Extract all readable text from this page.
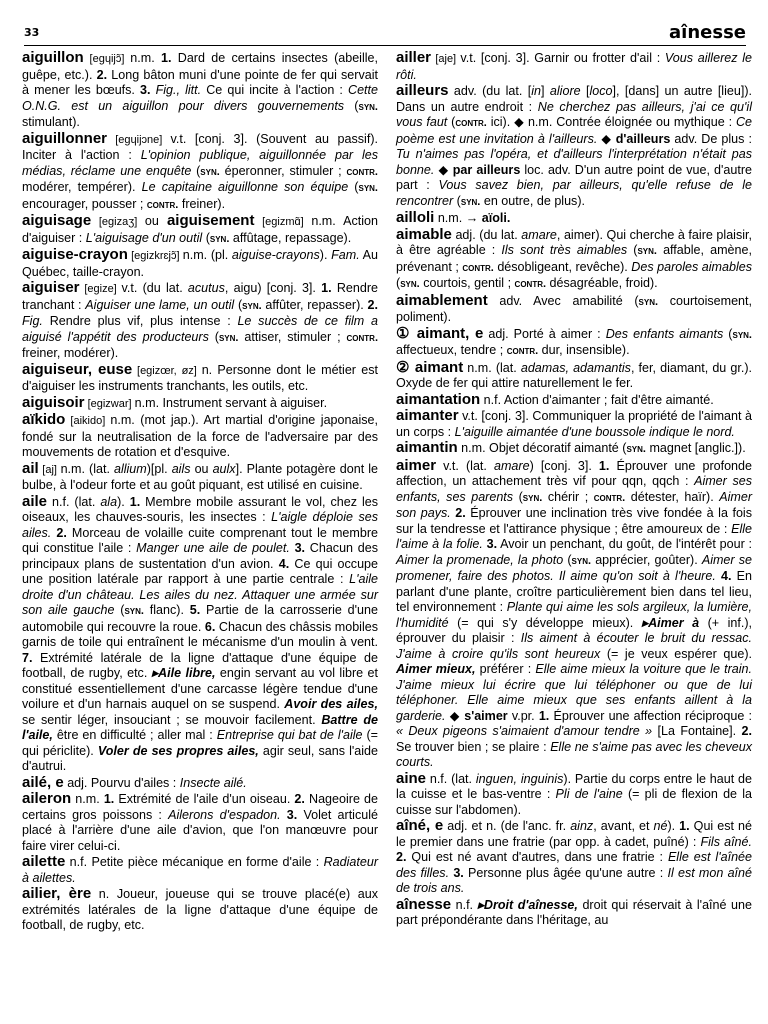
33	aînesse

aiguillon [egɥijɔ̃] n.m. 1. Dard de certains insectes (abeille, guêpe, etc.). 2. Long bâton muni d'une pointe de fer qui servait à mener les bœufs. 3. Fig., litt. Ce qui incite à l'action : Cette O.N.G. est un aiguillon pour divers gouvernements (syn. stimulant).

aiguillonner [egɥijɔne] v.t. [conj. 3]. (Souvent au passif). Inciter à l'action : L'opinion publique, aiguillonnée par les médias, réclame une enquête (syn. éperonner, stimuler ; contr. modérer, tempérer). Le capitaine aiguillonne son équipe (syn. encourager, pousser ; contr. freiner).

aiguisage [egizaʒ] ou aiguisement [egizmɑ̃] n.m. Action d'aiguiser : L'aiguisage d'un outil (syn. affûtage, repassage).

aiguise-crayon [egizkrɛjɔ̃] n.m. (pl. aiguise-crayons). Fam. Au Québec, taille-crayon.

aiguiser [egize] v.t. (du lat. acutus, aigu) [conj. 3]. 1. Rendre tranchant : Aiguiser une lame, un outil (syn. affûter, repasser). 2. Fig. Rendre plus vif, plus intense : Le succès de ce film a aiguisé l'appétit des producteurs (syn. attiser, stimuler ; contr. freiner, modérer).

aiguiseur, euse [egizœr, øz] n. Personne dont le métier est d'aiguiser les instruments tranchants, les outils, etc.

aiguisoir [egizwar] n.m. Instrument servant à aiguiser.

aïkido [aikido] n.m. (mot jap.). Art martial d'origine japonaise, fondé sur la neutralisation de la force de l'adversaire par des mouvements de rotation et d'esquive.

ail [aj] n.m. (lat. allium)[pl. ails ou aulx]. Plante potagère dont le bulbe, à l'odeur forte et au goût piquant, est utilisé en cuisine.

aile n.f. (lat. ala). 1. Membre mobile assurant le vol, chez les oiseaux, les chauves-souris, les insectes : L'aigle déploie ses ailes. 2. Morceau de volaille cuite comprenant tout le membre qui constitue l'aile : Manger une aile de poulet. 3. Chacun des principaux plans de sustentation d'un avion. 4. Ce qui occupe une position latérale par rapport à une partie centrale : L'aile droite d'un château. Les ailes du nez. Attaquer une armée sur son aile gauche (syn. flanc). 5. Partie de la carrosserie d'une automobile qui recouvre la roue. 6. Chacun des châssis mobiles garnis de toile qui entraînent le mécanisme d'un moulin à vent. 7. Extrémité latérale de la ligne d'attaque d'une équipe de football, de rugby, etc. ▸Aile libre, engin servant au vol libre et constitué essentiellement d'une carcasse légère tendue d'une voilure et d'un harnais auquel on se suspend. Avoir des ailes, se sentir léger, insouciant ; se mouvoir facilement. Battre de l'aile, être en difficulté ; aller mal : Entreprise qui bat de l'aile (= qui périclite). Voler de ses propres ailes, agir seul, sans l'aide d'autrui.

ailé, e adj. Pourvu d'ailes : Insecte ailé.

aileron n.m. 1. Extrémité de l'aile d'un oiseau. 2. Nageoire de certains gros poissons : Ailerons d'espadon. 3. Volet articulé placé à l'arrière d'une aile d'avion, que l'on manœuvre pour faire virer celui-ci.

ailette n.f. Petite pièce mécanique en forme d'aile : Radiateur à ailettes.

ailier, ère n. Joueur, joueuse qui se trouve placé(e) aux extrémités latérales de la ligne d'attaque d'une équipe de football, de rugby, etc.

ailler [aje] v.t. [conj. 3]. Garnir ou frotter d'ail : Vous aillerez le rôti.

ailleurs adv. (du lat. [in] aliore [loco], [dans] un autre [lieu]). Dans un autre endroit : Ne cherchez pas ailleurs, j'ai ce qu'il vous faut (contr. ici). ◆ n.m. Contrée éloignée ou mythique : Ce poème est une invitation à l'ailleurs. ◆ d'ailleurs adv. De plus : Tu n'aimes pas l'opéra, et d'ailleurs l'interprétation n'était pas bonne. ◆ par ailleurs loc. adv. D'un autre point de vue, d'autre part : Vous savez bien, par ailleurs, qu'elle refuse de le rencontrer (syn. en outre, de plus).

ailloli n.m. → aïoli.

aimable adj. (du lat. amare, aimer). Qui cherche à faire plaisir, à être agréable : Ils sont très aimables (syn. affable, amène, prévenant ; contr. désobligeant, revêche). Des paroles aimables (syn. courtois, gentil ; contr. désagréable, froid).

aimablement adv. Avec amabilité (syn. courtoisement, poliment).

① aimant, e adj. Porté à aimer : Des enfants aimants (syn. affectueux, tendre ; contr. dur, insensible).

② aimant n.m. (lat. adamas, adamantis, fer, diamant, du gr.). Oxyde de fer qui attire naturellement le fer.

aimantation n.f. Action d'aimanter ; fait d'être aimanté.

aimanter v.t. [conj. 3]. Communiquer la propriété de l'aimant à un corps : L'aiguille aimantée d'une boussole indique le nord.

aimantin n.m. Objet décoratif aimanté (syn. magnet [anglic.]).

aimer v.t. (lat. amare) [conj. 3]. 1. Éprouver une profonde affection, un attachement très vif pour qqn, qqch : Aimer ses enfants, ses parents (syn. chérir ; contr. détester, haïr). Aimer son pays. 2. Éprouver une inclination très vive fondée à la fois sur la tendresse et l'attirance physique ; être amoureux de : Elle l'aime à la folie. 3. Avoir un penchant, du goût, de l'intérêt pour : Aimer la promenade, la photo (syn. apprécier, goûter). Aimer se promener, faire des photos. Il aime qu'on soit à l'heure. 4. En parlant d'une plante, croître particulièrement bien dans tel lieu, tel environnement : Plante qui aime les sols argileux, la lumière, l'humidité (= qui s'y développe mieux). ▸Aimer à (+ inf.), éprouver du plaisir : Ils aiment à écouter le bruit du ressac. J'aime à croire qu'ils sont heureux (= je veux espérer que). Aimer mieux, préférer : Elle aime mieux la voiture que le train. J'aime mieux lui écrire que lui téléphoner ou que de lui téléphoner. Elle aime mieux que ses enfants aillent à la garderie. ◆ s'aimer v.pr. 1. Éprouver une affection réciproque : « Deux pigeons s'aimaient d'amour tendre » [La Fontaine]. 2. Se trouver bien ; se plaire : Elle ne s'aime pas avec les cheveux courts.

aine n.f. (lat. inguen, inguinis). Partie du corps entre le haut de la cuisse et le bas-ventre : Pli de l'aine (= pli de flexion de la cuisse sur l'abdomen).

aîné, e adj. et n. (de l'anc. fr. ainz, avant, et né). 1. Qui est né le premier dans une fratrie (par opp. à cadet, puîné) : Fils aîné. 2. Qui est né avant d'autres, dans une fratrie : Elle est l'aînée des filles. 3. Personne plus âgée qu'une autre : Il est mon aîné de trois ans.

aînesse n.f. ▸Droit d'aînesse, droit qui réservait à l'aîné une part prépondérante dans l'héritage, au
